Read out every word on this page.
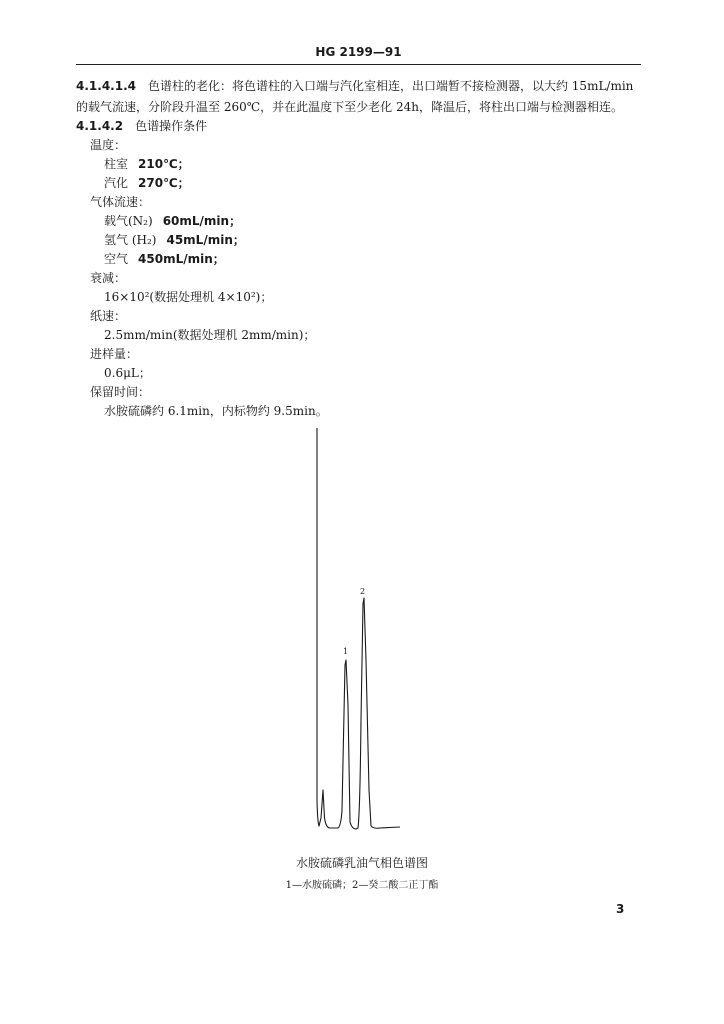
HG 2199—91

4.1.4.1.4 色谱柱的老化：将色谱柱的入口端与汽化室相连，出口端暂不接检测器，以大约 15mL/min 的载气流速，分阶段升温至 260℃，并在此温度下至少老化 24h，降温后，将柱出口端与检测器相连。

4.1.4.2 色谱操作条件
温度：
柱室 210℃；
汽化 270℃；
气体流速：
载气(N₂) 60mL/min；
氢气 (H₂) 45mL/min；
空气 450mL/min；
衰减：
16×10²(数据处理机 4×10²)；
纸速：
2.5mm/min(数据处理机 2mm/min)；
进样量：
0.6μL；
保留时间：
水胺硫磷约 6.1min，内标物约 9.5min。
1
2
水胺硫磷乳油气相色谱图
1—水胺硫磷；2—癸二酸二正丁酯
3
